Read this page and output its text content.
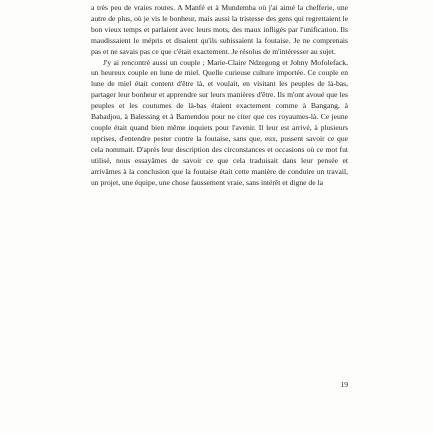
a très peu de vraies routes. A Manfé et à Mundemba où j'ai aimé la chefferie, une autre de plus, où je vis le bonheur, mais aussi la tristesse des gens qui regrettaient le bon vieux temps et parlaient avec leurs mots, des maux infligés par l'unification. Ils maudissaient le mépris et disaient qu'ils subissaient la foutaise. Je ne comprenais pas et ne savais pas ce que c'était exactement. Je résolus de m'intéresser au sujet.

J'y ai rencontré aussi un couple ; Marie-Claire Ndzegong et Johny Mofolefack, un heureux couple en lune de miel. Quelle curieuse culture importée. Ce couple en lune de miel était content d'être là, et voulait, en visitant les peuples de là-bas, partager leur bonheur et apprendre sur leurs manières d'être. Ils m'ont avoué que les peuples et les coutumes de là-bas étaient exactement comme à Bangang, à Babadjou, à Balessing et à Bamendou pour ne citer que ces royaumes-là. Ce jeune couple était quand bien même inquiets pour l'avenir. Il leur est arrivé, à plusieurs reprises, d'entendre pester contre la foutaise, sans que, eux, pussent savoir ce que cela nommait. D'après leur description des circonstances et occasions où ce mot fut utilisé, nous essayâmes de savoir ce que cela traduisait dans leur pensée et arrivâmes à la conclusion que la foutaise était cette manière de conduire un travail, un projet, une équipe, une chose faussement vraie, sans intérêt et digne de la

19
